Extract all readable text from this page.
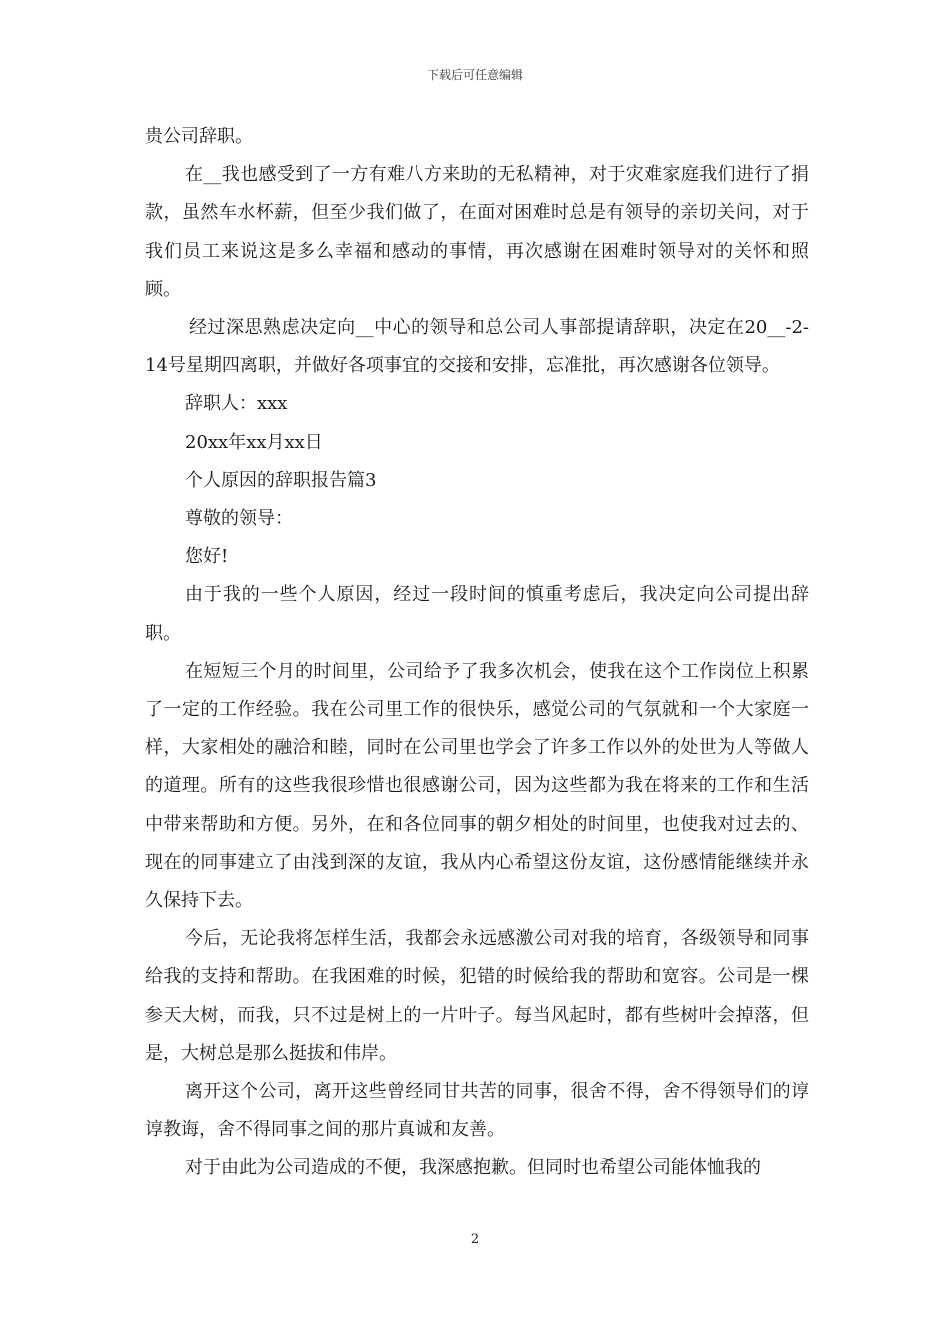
下载后可任意编辑

贵公司辞职。

在__我也感受到了一方有难八方来助的无私精神，对于灾难家庭我们进行了捐款，虽然车水杯薪，但至少我们做了，在面对困难时总是有领导的亲切关问，对于我们员工来说这是多么幸福和感动的事情，再次感谢在困难时领导对的关怀和照顾。

经过深思熟虑决定向__中心的领导和总公司人事部提请辞职，决定在20__-2-14号星期四离职，并做好各项事宜的交接和安排，忘准批，再次感谢各位领导。

辞职人：xxx

20xx年xx月xx日

个人原因的辞职报告篇3

尊敬的领导：

您好!

由于我的一些个人原因，经过一段时间的慎重考虑后，我决定向公司提出辞职。

在短短三个月的时间里，公司给予了我多次机会，使我在这个工作岗位上积累了一定的工作经验。我在公司里工作的很快乐，感觉公司的气氛就和一个大家庭一样，大家相处的融洽和睦，同时在公司里也学会了许多工作以外的处世为人等做人的道理。所有的这些我很珍惜也很感谢公司，因为这些都为我在将来的工作和生活中带来帮助和方便。另外，在和各位同事的朝夕相处的时间里，也使我对过去的、现在的同事建立了由浅到深的友谊，我从内心希望这份友谊，这份感情能继续并永久保持下去。

今后，无论我将怎样生活，我都会永远感激公司对我的培育，各级领导和同事给我的支持和帮助。在我困难的时候，犯错的时候给我的帮助和宽容。公司是一棵参天大树，而我，只不过是树上的一片叶子。每当风起时，都有些树叶会掉落，但是，大树总是那么挺拔和伟岸。

离开这个公司，离开这些曾经同甘共苦的同事，很舍不得，舍不得领导们的谆谆教诲，舍不得同事之间的那片真诚和友善。

对于由此为公司造成的不便，我深感抱歉。但同时也希望公司能体恤我的

2
